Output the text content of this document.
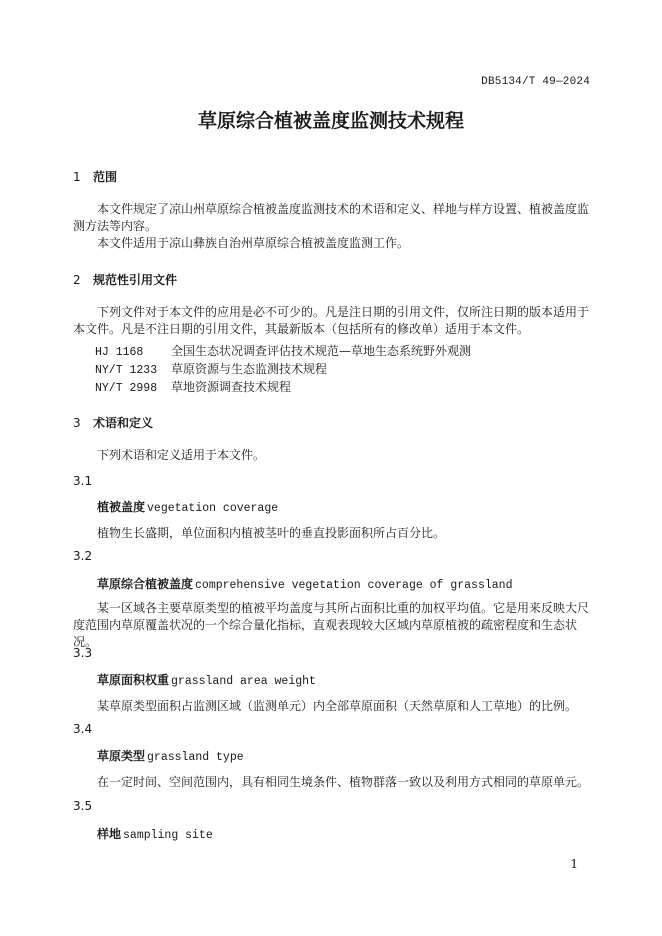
DB5134/T 49—2024
草原综合植被盖度监测技术规程
1 范围
本文件规定了凉山州草原综合植被盖度监测技术的术语和定义、样地与样方设置、植被盖度监测方法等内容。
本文件适用于凉山彝族自治州草原综合植被盖度监测工作。
2 规范性引用文件
下列文件对于本文件的应用是必不可少的。凡是注日期的引用文件，仅所注日期的版本适用于本文件。凡是不注日期的引用文件，其最新版本（包括所有的修改单）适用于本文件。
HJ 1168 全国生态状况调查评估技术规范—草地生态系统野外观测
NY/T 1233 草原资源与生态监测技术规程
NY/T 2998 草地资源调查技术规程
3 术语和定义
下列术语和定义适用于本文件。
3.1
植被盖度 vegetation coverage
植物生长盛期，单位面积内植被茎叶的垂直投影面积所占百分比。
3.2
草原综合植被盖度 comprehensive vegetation coverage of grassland
某一区域各主要草原类型的植被平均盖度与其所占面积比重的加权平均值。它是用来反映大尺度范围内草原覆盖状况的一个综合量化指标，直观表现较大区域内草原植被的疏密程度和生态状况。
3.3
草原面积权重 grassland area weight
某草原类型面积占监测区域（监测单元）内全部草原面积（天然草原和人工草地）的比例。
3.4
草原类型 grassland type
在一定时间、空间范围内，具有相同生境条件、植物群落一致以及利用方式相同的草原单元。
3.5
样地 sampling site
1
